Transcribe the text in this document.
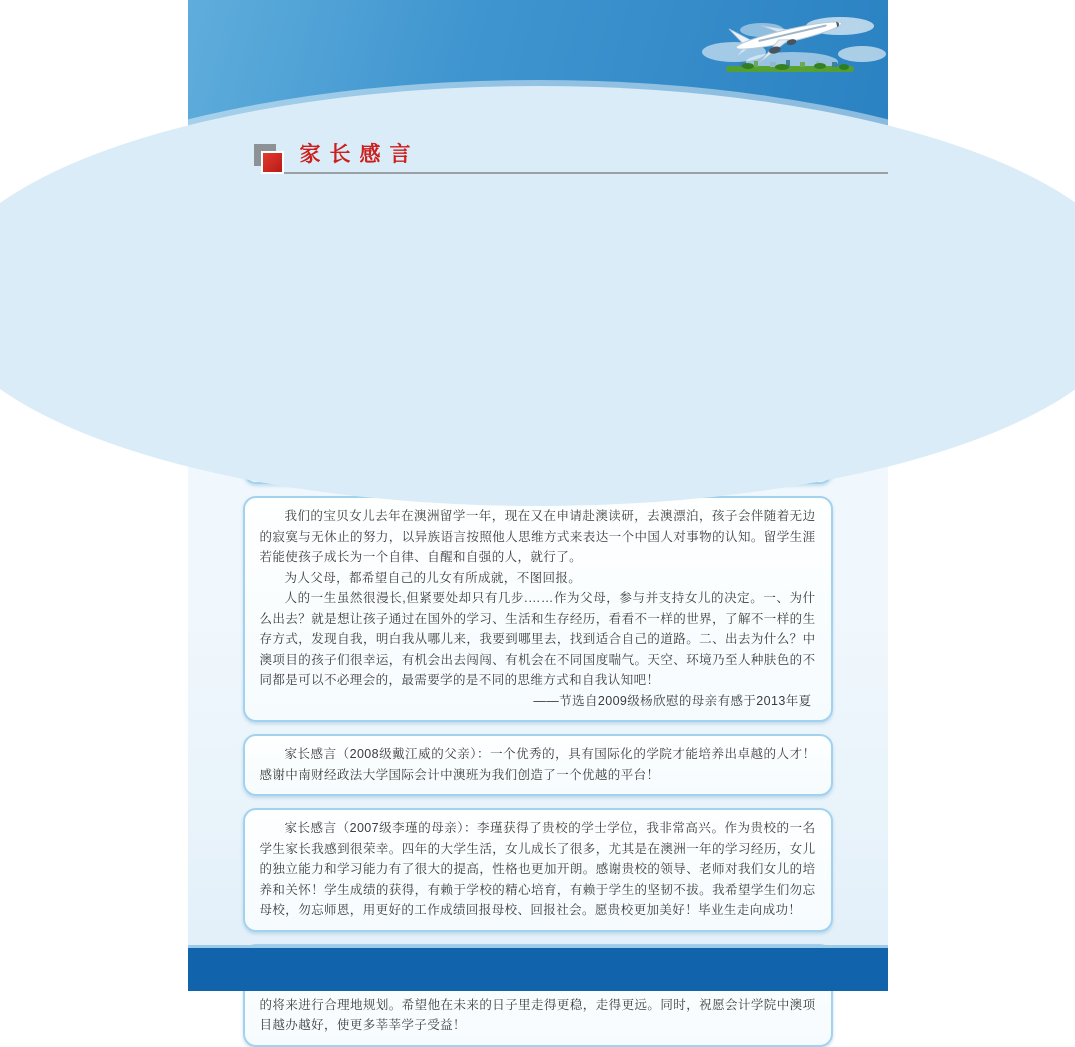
家长感言

我们的宝贝女儿去年在澳洲留学一年，现在又在申请赴澳读研，去澳漂泊，孩子会伴随着无边的寂寞与无休止的努力，以异族语言按照他人思维方式来表达一个中国人对事物的认知。留学生涯若能使孩子成长为一个自律、自醒和自强的人，就行了。

为人父母，都希望自己的儿女有所成就，不图回报。

人的一生虽然很漫长,但紧要处却只有几步.……作为父母，参与并支持女儿的决定。一、为什么出去？就是想让孩子通过在国外的学习、生活和生存经历，看看不一样的世界，了解不一样的生存方式，发现自我，明白我从哪儿来，我要到哪里去，找到适合自己的道路。二、出去为什么？中澳项目的孩子们很幸运，有机会出去闯闯、有机会在不同国度喘气。天空、环境乃至人种肤色的不同都是可以不必理会的，最需要学的是不同的思维方式和自我认知吧！

——节选自2009级杨欣慰的母亲有感于2013年夏

家长感言（2008级戴江威的父亲）：一个优秀的，具有国际化的学院才能培养出卓越的人才！感谢中南财经政法大学国际会计中澳班为我们创造了一个优越的平台！

家长感言（2007级李瑾的母亲）：李瑾获得了贵校的学士学位，我非常高兴。作为贵校的一名学生家长我感到很荣幸。四年的大学生活，女儿成长了很多，尤其是在澳洲一年的学习经历，女儿的独立能力和学习能力有了很大的提高，性格也更加开朗。感谢贵校的领导、老师对我们女儿的培养和关怀！学生成绩的获得，有赖于学校的精心培育，有赖于学生的坚韧不拔。我希望学生们勿忘母校，勿忘师恩，用更好的工作成绩回报母校、回报社会。愿贵校更加美好！毕业生走向成功！

的将来进行合理地规划。希望他在未来的日子里走得更稳，走得更远。同时，祝愿会计学院中澳项目越办越好，使更多莘莘学子受益！
